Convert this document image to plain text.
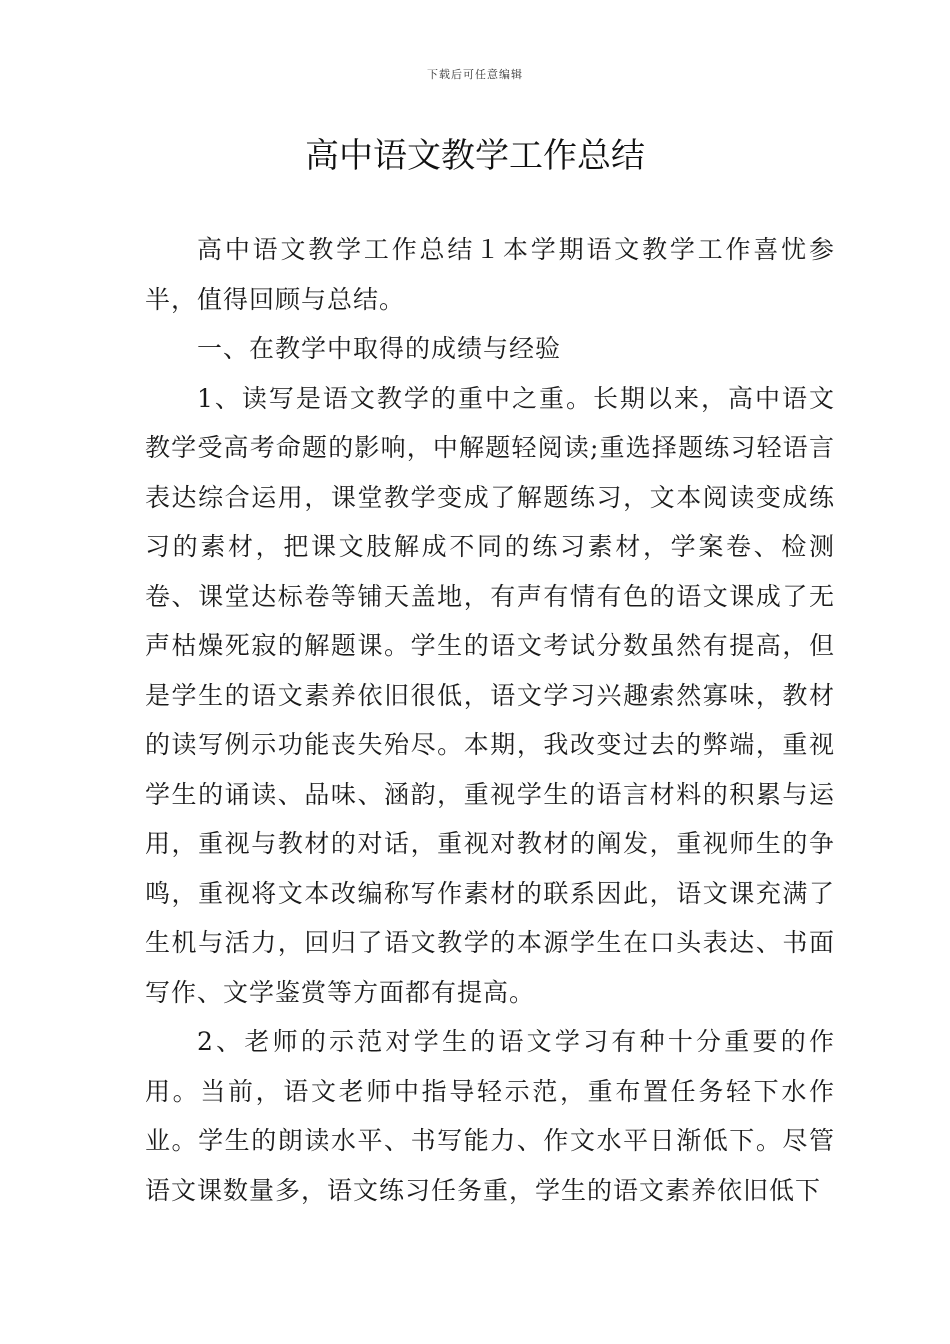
下载后可任意编辑
高中语文教学工作总结

高中语文教学工作总结１本学期语文教学工作喜忧参半，值得回顾与总结。

一、在教学中取得的成绩与经验

1、读写是语文教学的重中之重。长期以来，高中语文教学受高考命题的影响，中解题轻阅读;重选择题练习轻语言表达综合运用，课堂教学变成了解题练习，文本阅读变成练习的素材，把课文肢解成不同的练习素材，学案卷、检测卷、课堂达标卷等铺天盖地，有声有情有色的语文课成了无声枯燥死寂的解题课。学生的语文考试分数虽然有提高，但是学生的语文素养依旧很低，语文学习兴趣索然寡味，教材的读写例示功能丧失殆尽。本期，我改变过去的弊端，重视学生的诵读、品味、涵韵，重视学生的语言材料的积累与运用，重视与教材的对话，重视对教材的阐发，重视师生的争鸣，重视将文本改编称写作素材的联系因此，语文课充满了生机与活力，回归了语文教学的本源学生在口头表达、书面写作、文学鉴赏等方面都有提高。

2、老师的示范对学生的语文学习有种十分重要的作用。当前，语文老师中指导轻示范，重布置任务轻下水作业。学生的朗读水平、书写能力、作文水平日渐低下。尽管语文课数量多，语文练习任务重，学生的语文素养依旧低下
